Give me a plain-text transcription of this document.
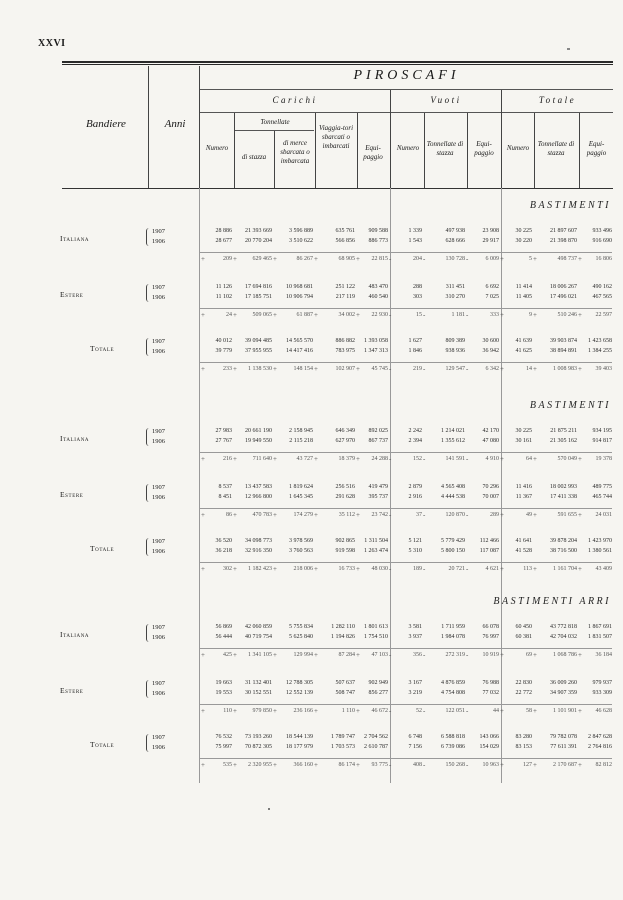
XXVI
Bandiere	Anni
PIROSCAFI
Carichi	Vuoti	Totale
Tonnellate
Numero
di stazza
di merce sbarcata o imbarcata
Viaggia-tori sbarcati o imbarcati	Equi-paggio
Numero	Tonnellate di stazza
Equi-paggio
Numero	Tonnellate di stazza
Equi-paggio
BASTIMENTI
Italiana
1907	28 886	21 393 669	3 596 889	635 761	909 588	1 339	497 938	23 908	30 225	21 897 607	933 496
1906	28 677	20 770 204	3 510 622	566 856	886 773	1 543	628 666	29 917	30 220	21 398 870	916 690
+	209 +	629 465 +	86 267 +	68 905 +	22 815 -	204 -	130 728 -	6 009 +	5 +	498 737 +	16 806
Estere
1907	11 126	17 694 816	10 968 681	251 122	483 470	288	311 451	6 692	11 414	18 006 267	490 162
1906	11 102	17 185 751	10 906 794	217 119	460 540	303	310 270	7 025	11 405	17 496 021	467 565
+	24 +	509 065 +	61 887 +	34 002 +	22 930 -	15 -	1 181 -	333 +	9 +	510 246 +	22 597
Totale
1907	40 012	39 094 485	14 565 570	886 882	1 393 058	1 627	809 389	30 600	41 639	39 903 874	1 423 658
1906	39 779	37 955 955	14 417 416	783 975	1 347 313	1 846	938 936	36 942	41 625	38 894 891	1 384 255
+	233 +	1 138 530 +	148 154 +	102 907 +	45 745 -	219 -	129 547 -	6 342 +	14 +	1 008 983 +	39 403
BASTIMENTI
Italiana
1907	27 983	20 661 190	2 158 945	646 349	892 025	2 242	1 214 021	42 170	30 225	21 875 211	934 195
1906	27 767	19 949 550	2 115 218	627 970	867 737	2 394	1 355 612	47 080	30 161	21 305 162	914 817
+	216 +	711 640 +	43 727 +	18 379 +	24 288 -	152 -	141 591 -	4 910 +	64 +	570 049 +	19 378
Estere
1907	8 537	13 437 583	1 819 624	256 516	419 479	2 879	4 565 408	70 296	11 416	18 002 993	489 775
1906	8 451	12 966 800	1 645 345	291 628	395 737	2 916	4 444 538	70 007	11 367	17 411 338	465 744
+	86 +	470 783 +	174 279 +	35 112 +	23 742 -	37 -	120 870 -	289 +	49 +	591 655 +	24 031
Totale
1907	36 520	34 098 773	3 978 569	902 865	1 311 504	5 121	5 779 429	112 466	41 641	39 878 204	1 423 970
1906	36 218	32 916 350	3 760 563	919 598	1 263 474	5 310	5 800 150	117 087	41 528	38 716 500	1 380 561
+	302 +	1 182 423 +	218 006 +	16 733 +	48 030 -	189 -	20 721 -	4 621 +	113 +	1 161 704 +	43 409
BASTIMENTI ARRI
Italiana
1907	56 869	42 060 859	5 755 834	1 282 110	1 801 613	3 581	1 711 959	66 078	60 450	43 772 818	1 867 691
1906	56 444	40 719 754	5 625 840	1 194 826	1 754 510	3 937	1 984 078	76 997	60 381	42 704 032	1 831 507
+	425 +	1 341 105 +	129 994 +	87 284 +	47 103 -	356 -	272 319 -	10 919 +	69 +	1 068 786 +	36 184
Estere
1907	19 663	31 132 401	12 788 305	507 637	902 949	3 167	4 876 859	76 988	22 830	36 009 260	979 937
1906	19 553	30 152 551	12 552 139	508 747	856 277	3 219	4 754 808	77 032	22 772	34 907 359	933 309
+	110 +	979 850 +	236 166 +	1 110 +	46 672 -	52 -	122 051 -	44 +	58 +	1 101 901 +	46 628
Totale
1907	76 532	73 193 260	18 544 139	1 789 747	2 704 562	6 748	6 588 818	143 066	83 280	79 782 078	2 847 628
1906	75 997	70 872 305	18 177 979	1 703 573	2 610 787	7 156	6 739 086	154 029	83 153	77 611 391	2 764 816
+	535 +	2 320 955 +	366 160 +	86 174 +	93 775 -	408 -	150 268 -	10 963 +	127 +	2 170 687 +	82 812
